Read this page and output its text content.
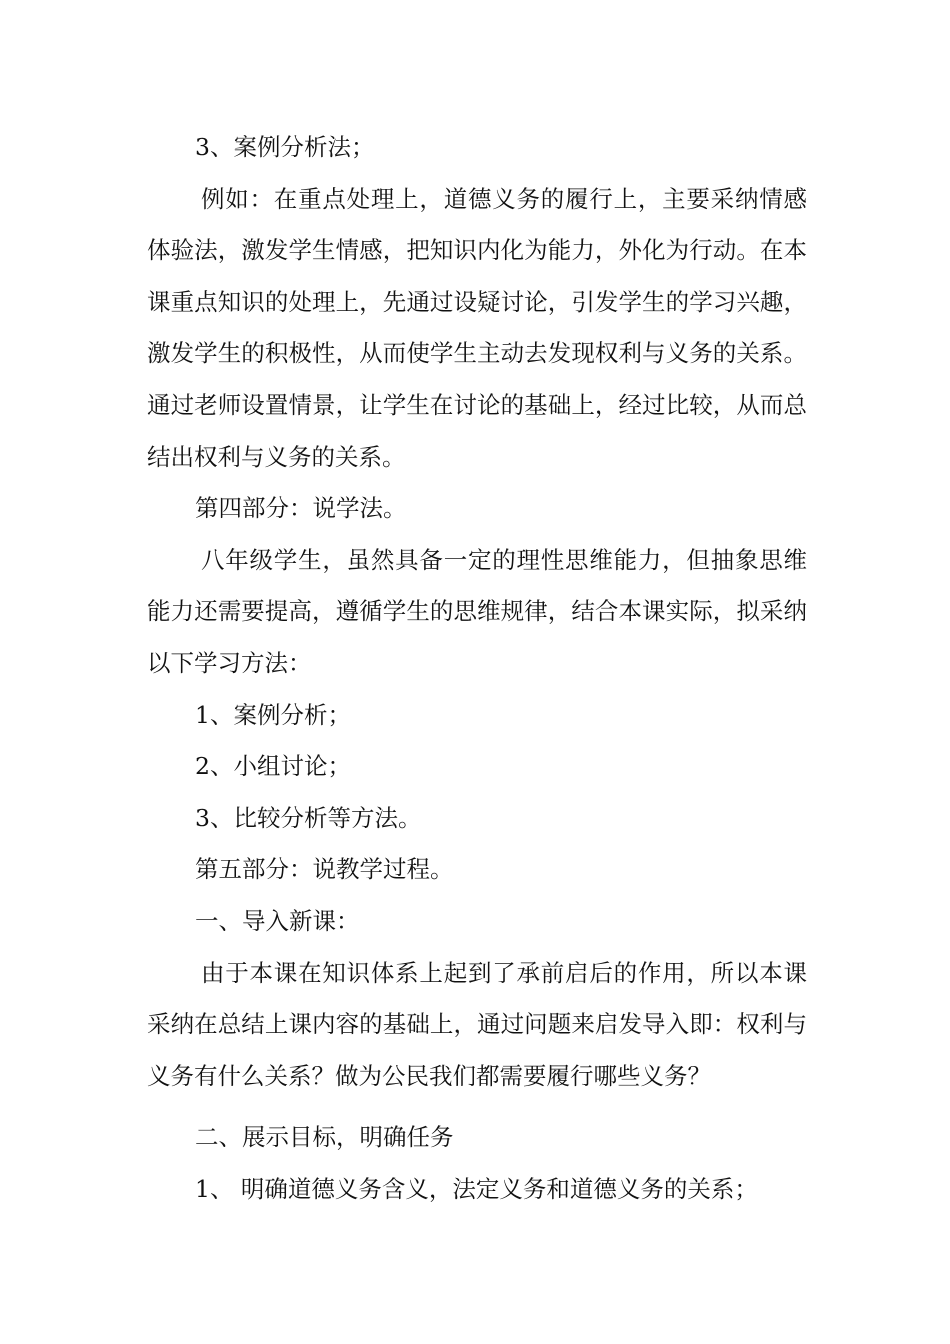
3、案例分析法；

例如：在重点处理上，道德义务的履行上，主要采纳情感体验法，激发学生情感，把知识内化为能力，外化为行动。在本课重点知识的处理上，先通过设疑讨论，引发学生的学习兴趣，激发学生的积极性，从而使学生主动去发现权利与义务的关系。通过老师设置情景，让学生在讨论的基础上，经过比较，从而总结出权利与义务的关系。

第四部分：说学法。

八年级学生，虽然具备一定的理性思维能力，但抽象思维能力还需要提高，遵循学生的思维规律，结合本课实际，拟采纳以下学习方法：

1、案例分析；

2、小组讨论；

3、比较分析等方法。

第五部分：说教学过程。

一、导入新课：

由于本课在知识体系上起到了承前启后的作用，所以本课采纳在总结上课内容的基础上，通过问题来启发导入即：权利与义务有什么关系？做为公民我们都需要履行哪些义务？

二、展示目标，明确任务

1、 明确道德义务含义，法定义务和道德义务的关系；
